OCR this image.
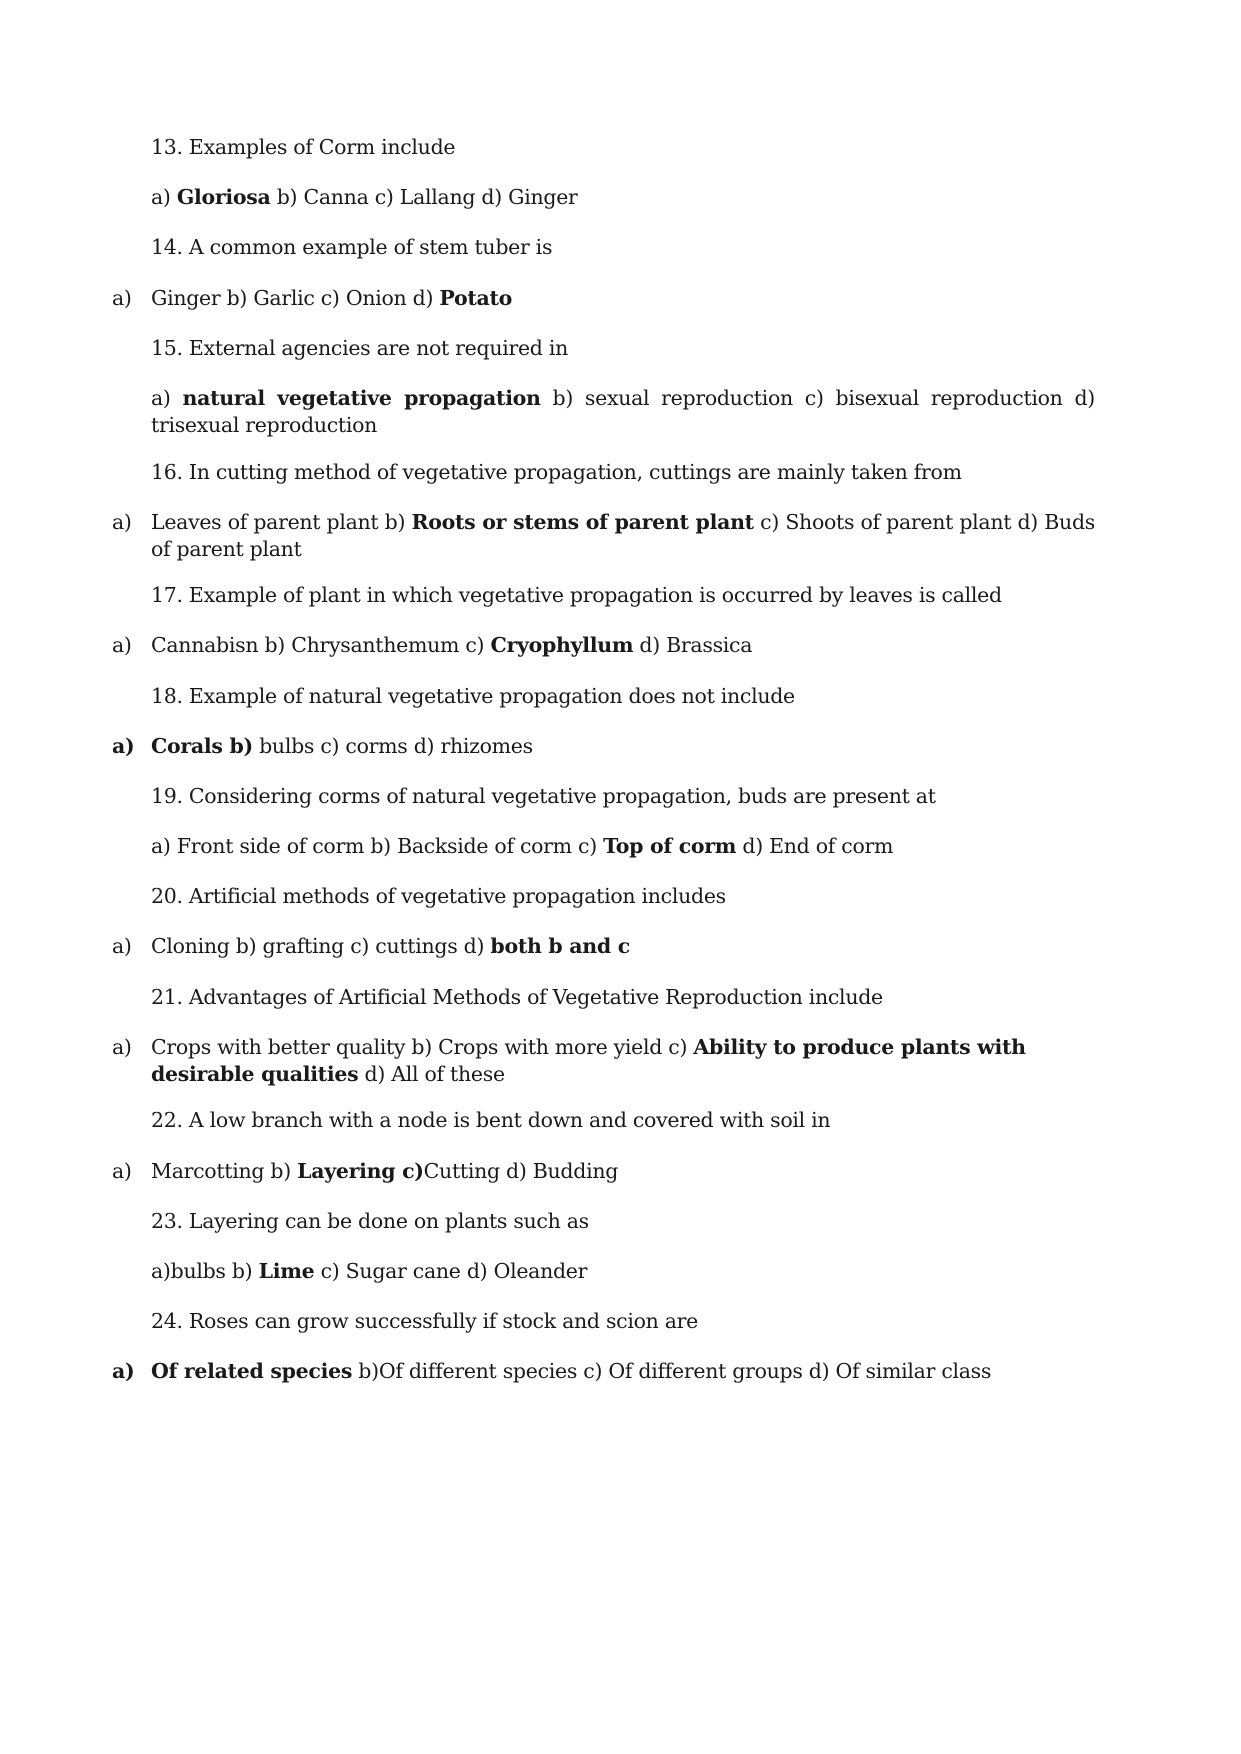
13. Examples of Corm include
a) Gloriosa b) Canna c) Lallang d) Ginger
14. A common example of stem tuber is
a) Ginger b) Garlic c) Onion d) Potato
15. External agencies are not required in
a) natural vegetative propagation b) sexual reproduction c) bisexual reproduction d) trisexual reproduction
16. In cutting method of vegetative propagation, cuttings are mainly taken from
a) Leaves of parent plant b) Roots or stems of parent plant c) Shoots of parent plant d) Buds of parent plant
17. Example of plant in which vegetative propagation is occurred by leaves is called
a) Cannabisn b) Chrysanthemum c) Cryophyllum d) Brassica
18. Example of natural vegetative propagation does not include
a) Corals b) bulbs c) corms d) rhizomes
19. Considering corms of natural vegetative propagation, buds are present at
a) Front side of corm b) Backside of corm c) Top of corm d) End of corm
20. Artificial methods of vegetative propagation includes
a) Cloning b) grafting c) cuttings d) both b and c
21. Advantages of Artificial Methods of Vegetative Reproduction include
a) Crops with better quality b) Crops with more yield c) Ability to produce plants with desirable qualities d) All of these
22. A low branch with a node is bent down and covered with soil in
a) Marcotting b) Layering c)Cutting d) Budding
23. Layering can be done on plants such as
a)bulbs b) Lime c) Sugar cane d) Oleander
24. Roses can grow successfully if stock and scion are
a) Of related species b)Of different species c) Of different groups d) Of similar class
